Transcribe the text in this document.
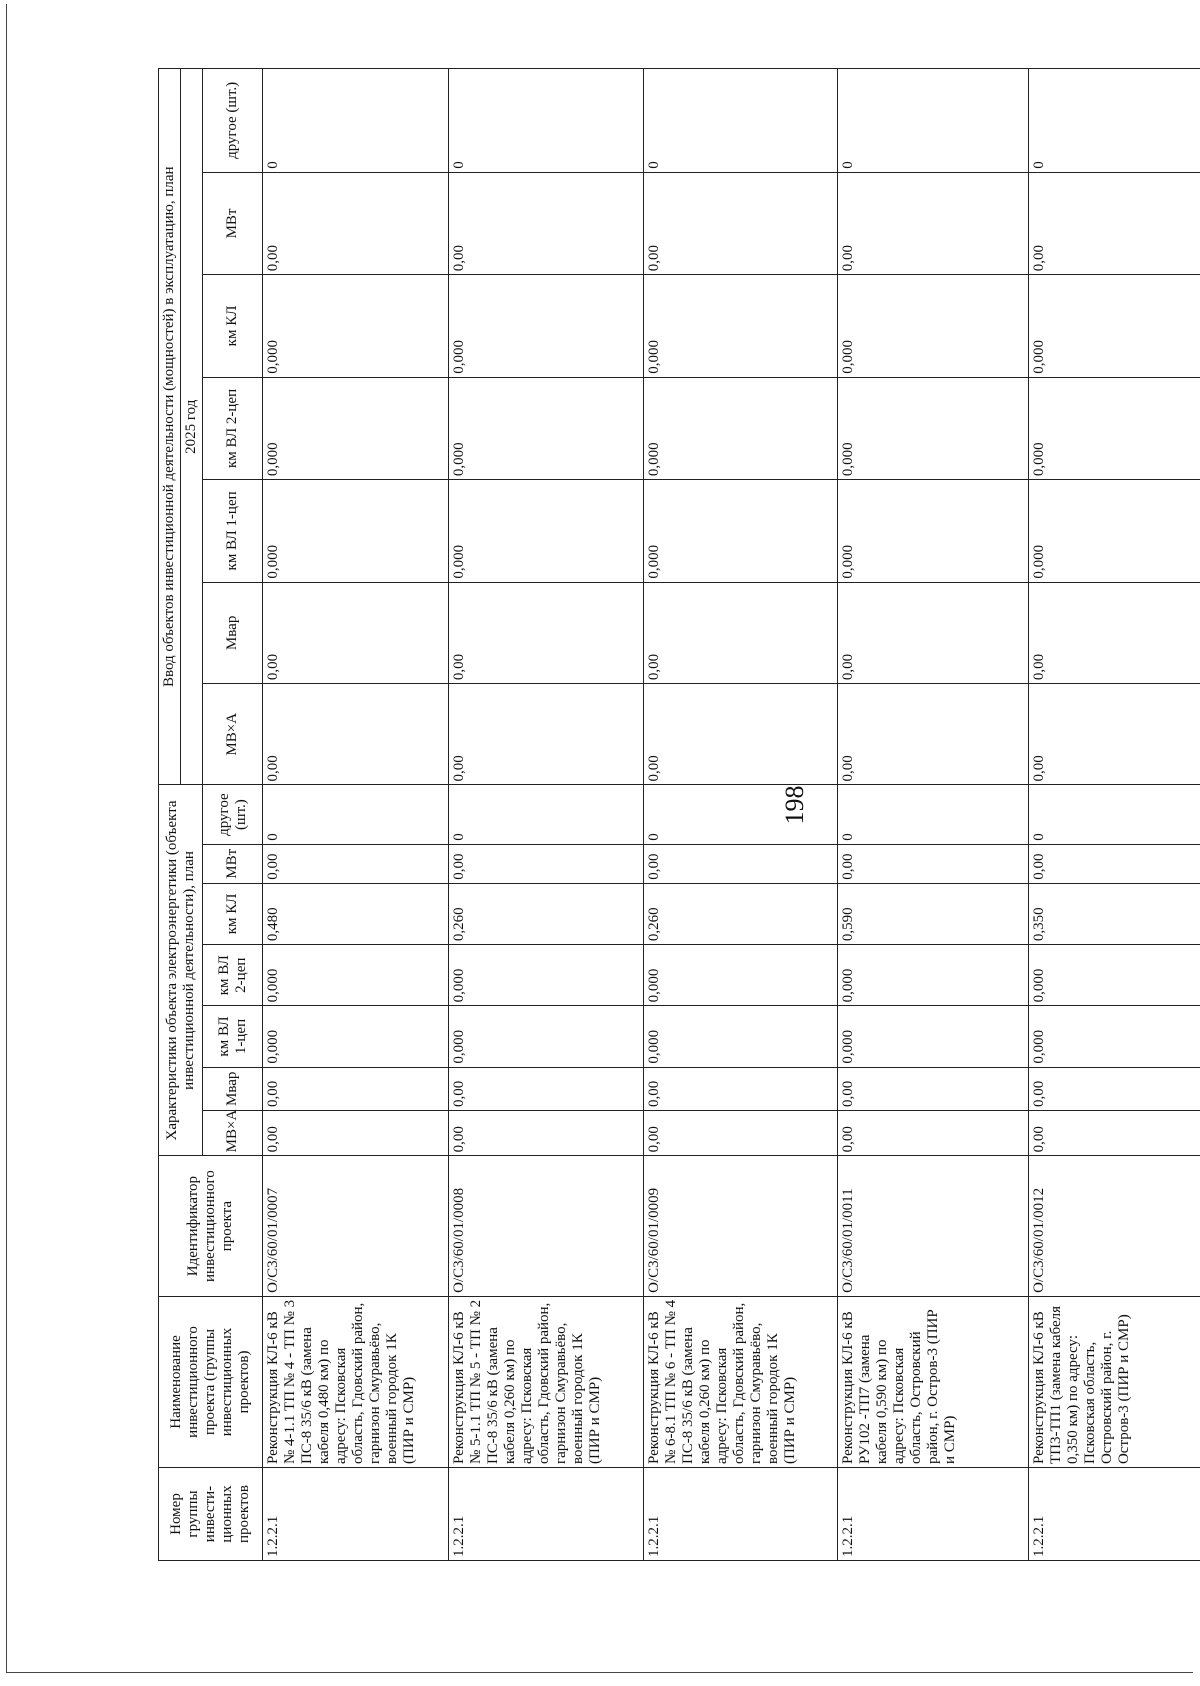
198
Номер группы инвести-ционных проектов	Наименование инвестиционного проекта (группы инвестиционных проектов)	Идентификатор инвестиционного проекта	Характеристики объекта электроэнергетики (объекта инвестиционной деятельности), план							Ввод объектов инвестиционной деятельности (мощностей) в эксплуатацию, план						
										2025 год						
			МВ×А	Мвар	км ВЛ 1-цеп	км ВЛ 2-цеп	км КЛ	МВт	другое (шт.)	МВ×А	Мвар	км ВЛ 1-цеп	км ВЛ 2-цеп	км КЛ	МВт	другое (шт.)
1.2.2.1	Реконструкция КЛ-6 кВ № 4-1.1 ТП № 4 - ТП № 3 ПС-8 35/6 кВ (замена кабеля 0,480 км) по адресу: Псковская область, Гдовский район, гарнизон Смуравьёво, военный городок 1К (ПИР и СМР)	О/С3/60/01/0007	0,00	0,00	0,000	0,000	0,480	0,00	0	0,00	0,00	0,000	0,000	0,000	0,00	0
1.2.2.1	Реконструкция КЛ-6 кВ № 5-1.1 ТП № 5 - ТП № 2 ПС-8 35/6 кВ (замена кабеля 0,260 км) по адресу: Псковская область, Гдовский район, гарнизон Смуравьёво, военный городок 1К (ПИР и СМР)	О/С3/60/01/0008	0,00	0,00	0,000	0,000	0,260	0,00	0	0,00	0,00	0,000	0,000	0,000	0,00	0
1.2.2.1	Реконструкция КЛ-6 кВ № 6-8.1 ТП № 6 - ТП № 4 ПС-8 35/6 кВ (замена кабеля 0,260 км) по адресу: Псковская область, Гдовский район, гарнизон Смуравьёво, военный городок 1К (ПИР и СМР)	О/С3/60/01/0009	0,00	0,00	0,000	0,000	0,260	0,00	0	0,00	0,00	0,000	0,000	0,000	0,00	0
1.2.2.1	Реконструкция КЛ-6 кВ РУ102 -ТП7 (замена кабеля 0,590 км) по адресу: Псковская область, Островский район, г. Остров-3 (ПИР и СМР)	О/С3/60/01/0011	0,00	0,00	0,000	0,000	0,590	0,00	0	0,00	0,00	0,000	0,000	0,000	0,00	0
1.2.2.1	Реконструкция КЛ-6 кВ ТП3-ТП1 (замена кабеля 0,350 км) по адресу: Псковская область, Островский район, г. Остров-3 (ПИР и СМР)	О/С3/60/01/0012	0,00	0,00	0,000	0,000	0,350	0,00	0	0,00	0,00	0,000	0,000	0,000	0,00	0
